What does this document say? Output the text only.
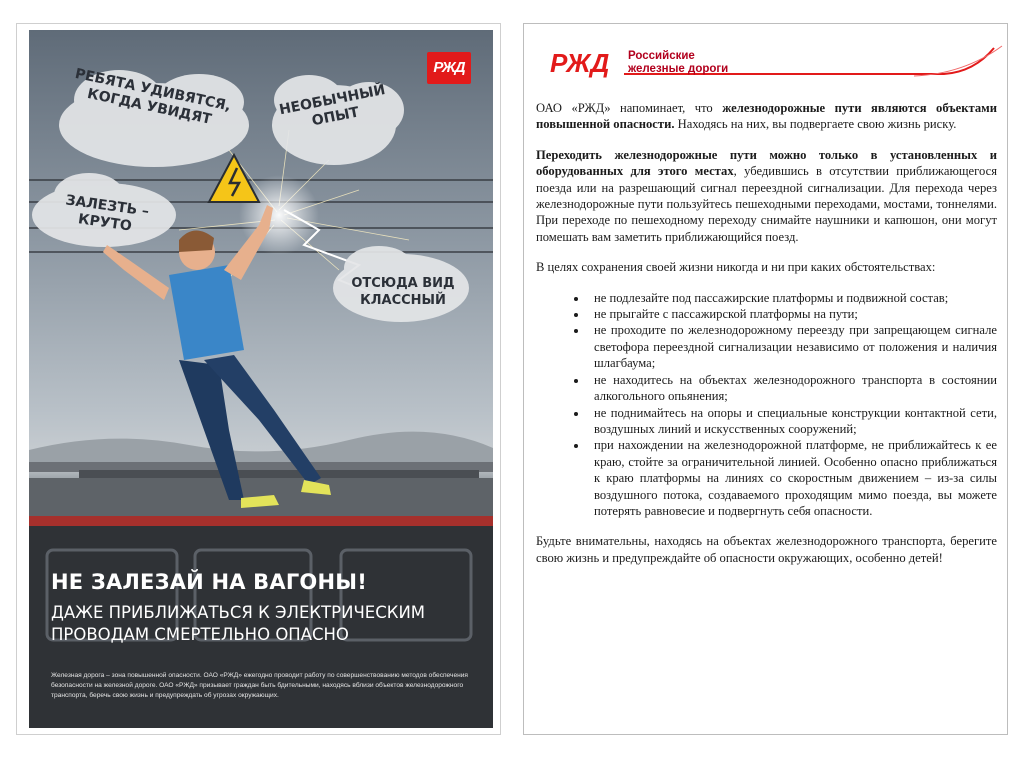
РЖД
РЕБЯТА УДИВЯТСЯ, КОГДА УВИДЯТ	НЕОБЫЧНЫЙ ОПЫТ
ЗАЛЕЗТЬ – КРУТО
ОТСЮДА ВИД КЛАССНЫЙ
НЕ ЗАЛЕЗАЙ НА ВАГОНЫ!
ДАЖЕ ПРИБЛИЖАТЬСЯ К ЭЛЕКТРИЧЕСКИМ ПРОВОДАМ СМЕРТЕЛЬНО ОПАСНО
Железная дорога – зона повышенной опасности. ОАО «РЖД» ежегодно проводит работу по совершенствованию методов обеспечения безопасности на железной дороге. ОАО «РЖД» призывает граждан быть бдительными, находясь вблизи объектов железнодорожного транспорта, беречь свою жизнь и предупреждать об угрозах окружающих.
РЖД Российские
железные дороги

ОАО «РЖД» напоминает, что железнодорожные пути являются объектами повышенной опасности. Находясь на них, вы подвергаете свою жизнь риску.

Переходить железнодорожные пути можно только в установленных и оборудованных для этого местах, убедившись в отсутствии приближающегося поезда или на разрешающий сигнал переездной сигнализации. Для перехода через железнодорожные пути пользуйтесь пешеходными переходами, мостами, тоннелями. При переходе по пешеходному переходу снимайте наушники и капюшон, они могут помешать вам заметить приближающийся поезд.

В целях сохранения своей жизни никогда и ни при каких обстоятельствах:

• не подлезайте под пассажирские платформы и подвижной состав;
• не прыгайте с пассажирской платформы на пути;
• не проходите по железнодорожному переезду при запрещающем сигнале светофора переездной сигнализации независимо от положения и наличия шлагбаума;
• не находитесь на объектах железнодорожного транспорта в состоянии алкогольного опьянения;
• не поднимайтесь на опоры и специальные конструкции контактной сети, воздушных линий и искусственных сооружений;
• при нахождении на железнодорожной платформе, не приближайтесь к ее краю, стойте за ограничительной линией. Особенно опасно приближаться к краю платформы на линиях со скоростным движением – из-за силы воздушного потока, создаваемого проходящим мимо поезда, вы можете потерять равновесие и подвергнуть себя опасности.

Будьте внимательны, находясь на объектах железнодорожного транспорта, берегите свою жизнь и предупреждайте об опасности окружающих, особенно детей!
